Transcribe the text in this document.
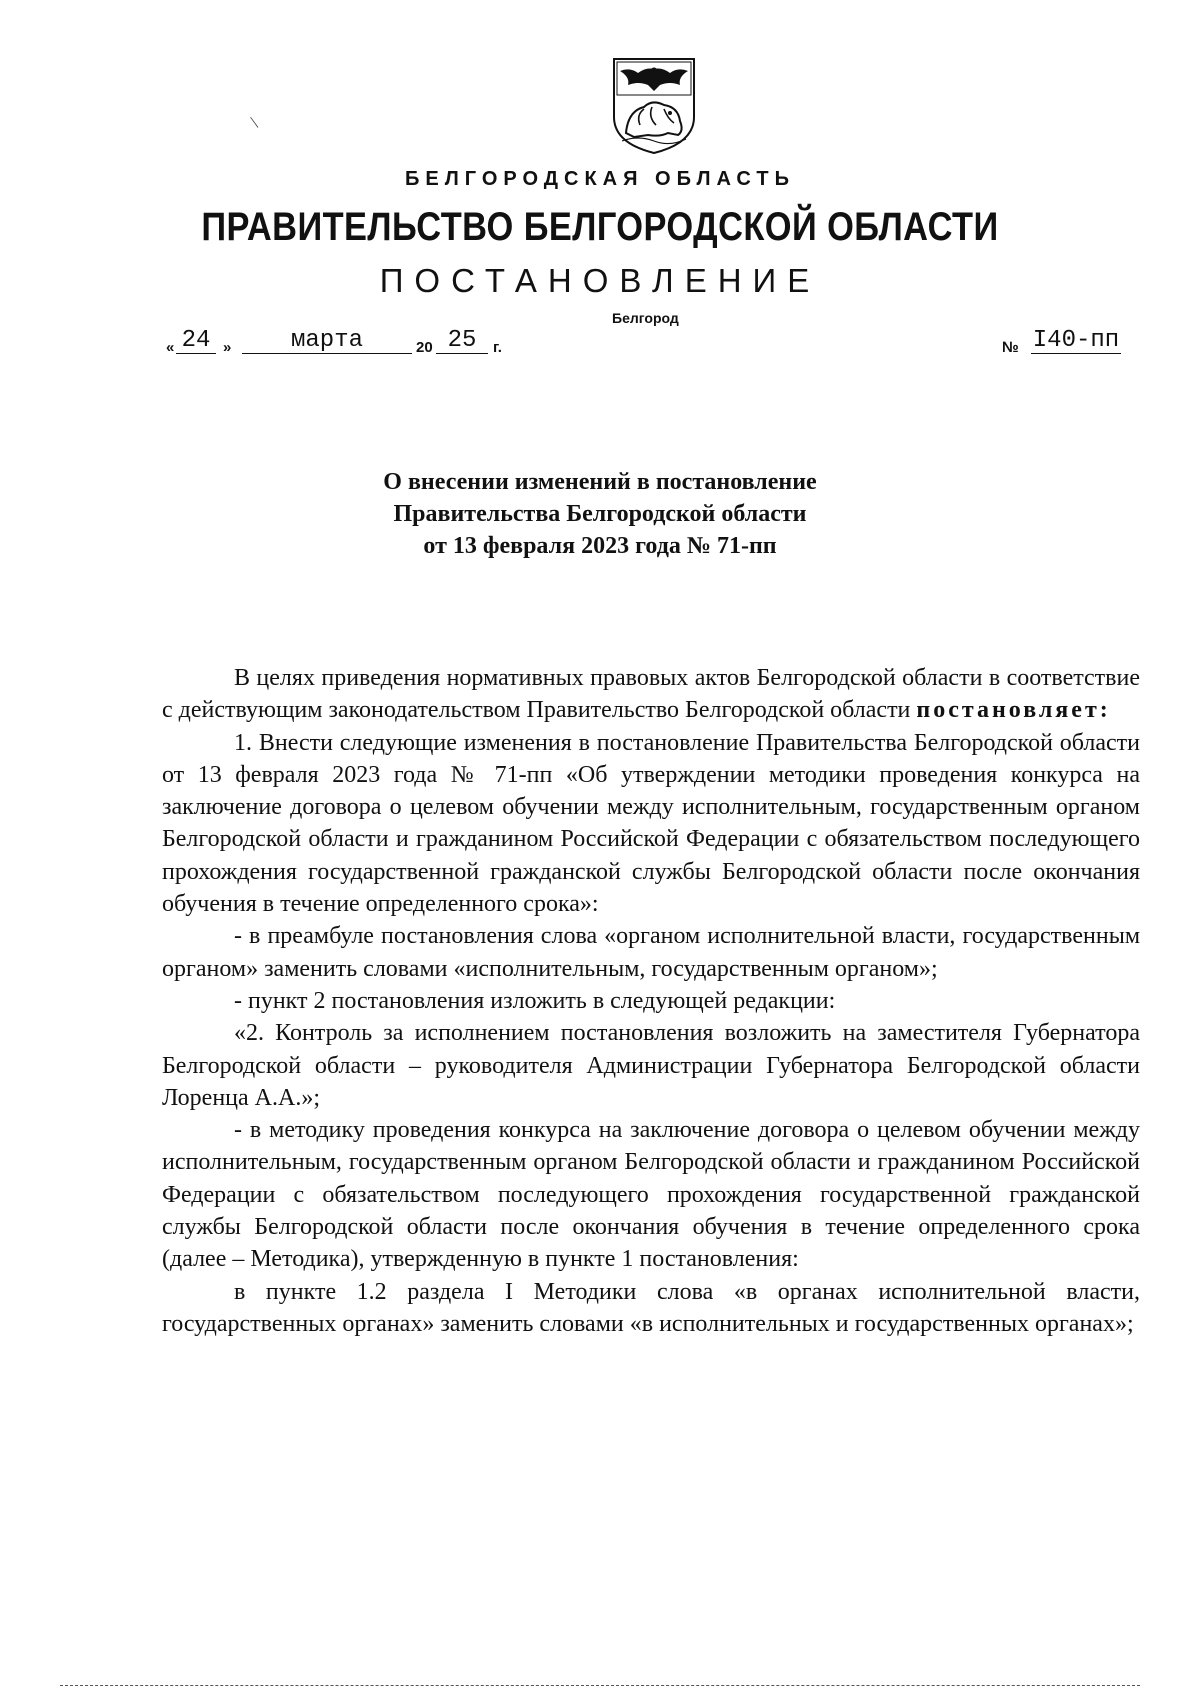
БЕЛГОРОДСКАЯ ОБЛАСТЬ
ПРАВИТЕЛЬСТВО БЕЛГОРОДСКОЙ ОБЛАСТИ
ПОСТАНОВЛЕНИЕ
Белгород
« 24 »	марта	20 25	г.	№ I40-пп
О внесении изменений в постановление
Правительства Белгородской области
от 13 февраля 2023 года № 71-пп

В целях приведения нормативных правовых актов Белгородской области в соответствие с действующим законодательством Правительство Белгородской области постановляет:

1. Внести следующие изменения в постановление Правительства Белгородской области от 13 февраля 2023 года № 71-пп «Об утверждении методики проведения конкурса на заключение договора о целевом обучении между исполнительным, государственным органом Белгородской области и гражданином Российской Федерации с обязательством последующего прохождения государственной гражданской службы Белгородской области после окончания обучения в течение определенного срока»:

- в преамбуле постановления слова «органом исполнительной власти, государственным органом» заменить словами «исполнительным, государственным органом»;

- пункт 2 постановления изложить в следующей редакции:

«2. Контроль за исполнением постановления возложить на заместителя Губернатора Белгородской области – руководителя Администрации Губернатора Белгородской области Лоренца А.А.»;

- в методику проведения конкурса на заключение договора о целевом обучении между исполнительным, государственным органом Белгородской области и гражданином Российской Федерации с обязательством последующего прохождения государственной гражданской службы Белгородской области после окончания обучения в течение определенного срока (далее – Методика), утвержденную в пункте 1 постановления:

в пункте 1.2 раздела I Методики слова «в органах исполнительной власти, государственных органах» заменить словами «в исполнительных и государственных органах»;

/
